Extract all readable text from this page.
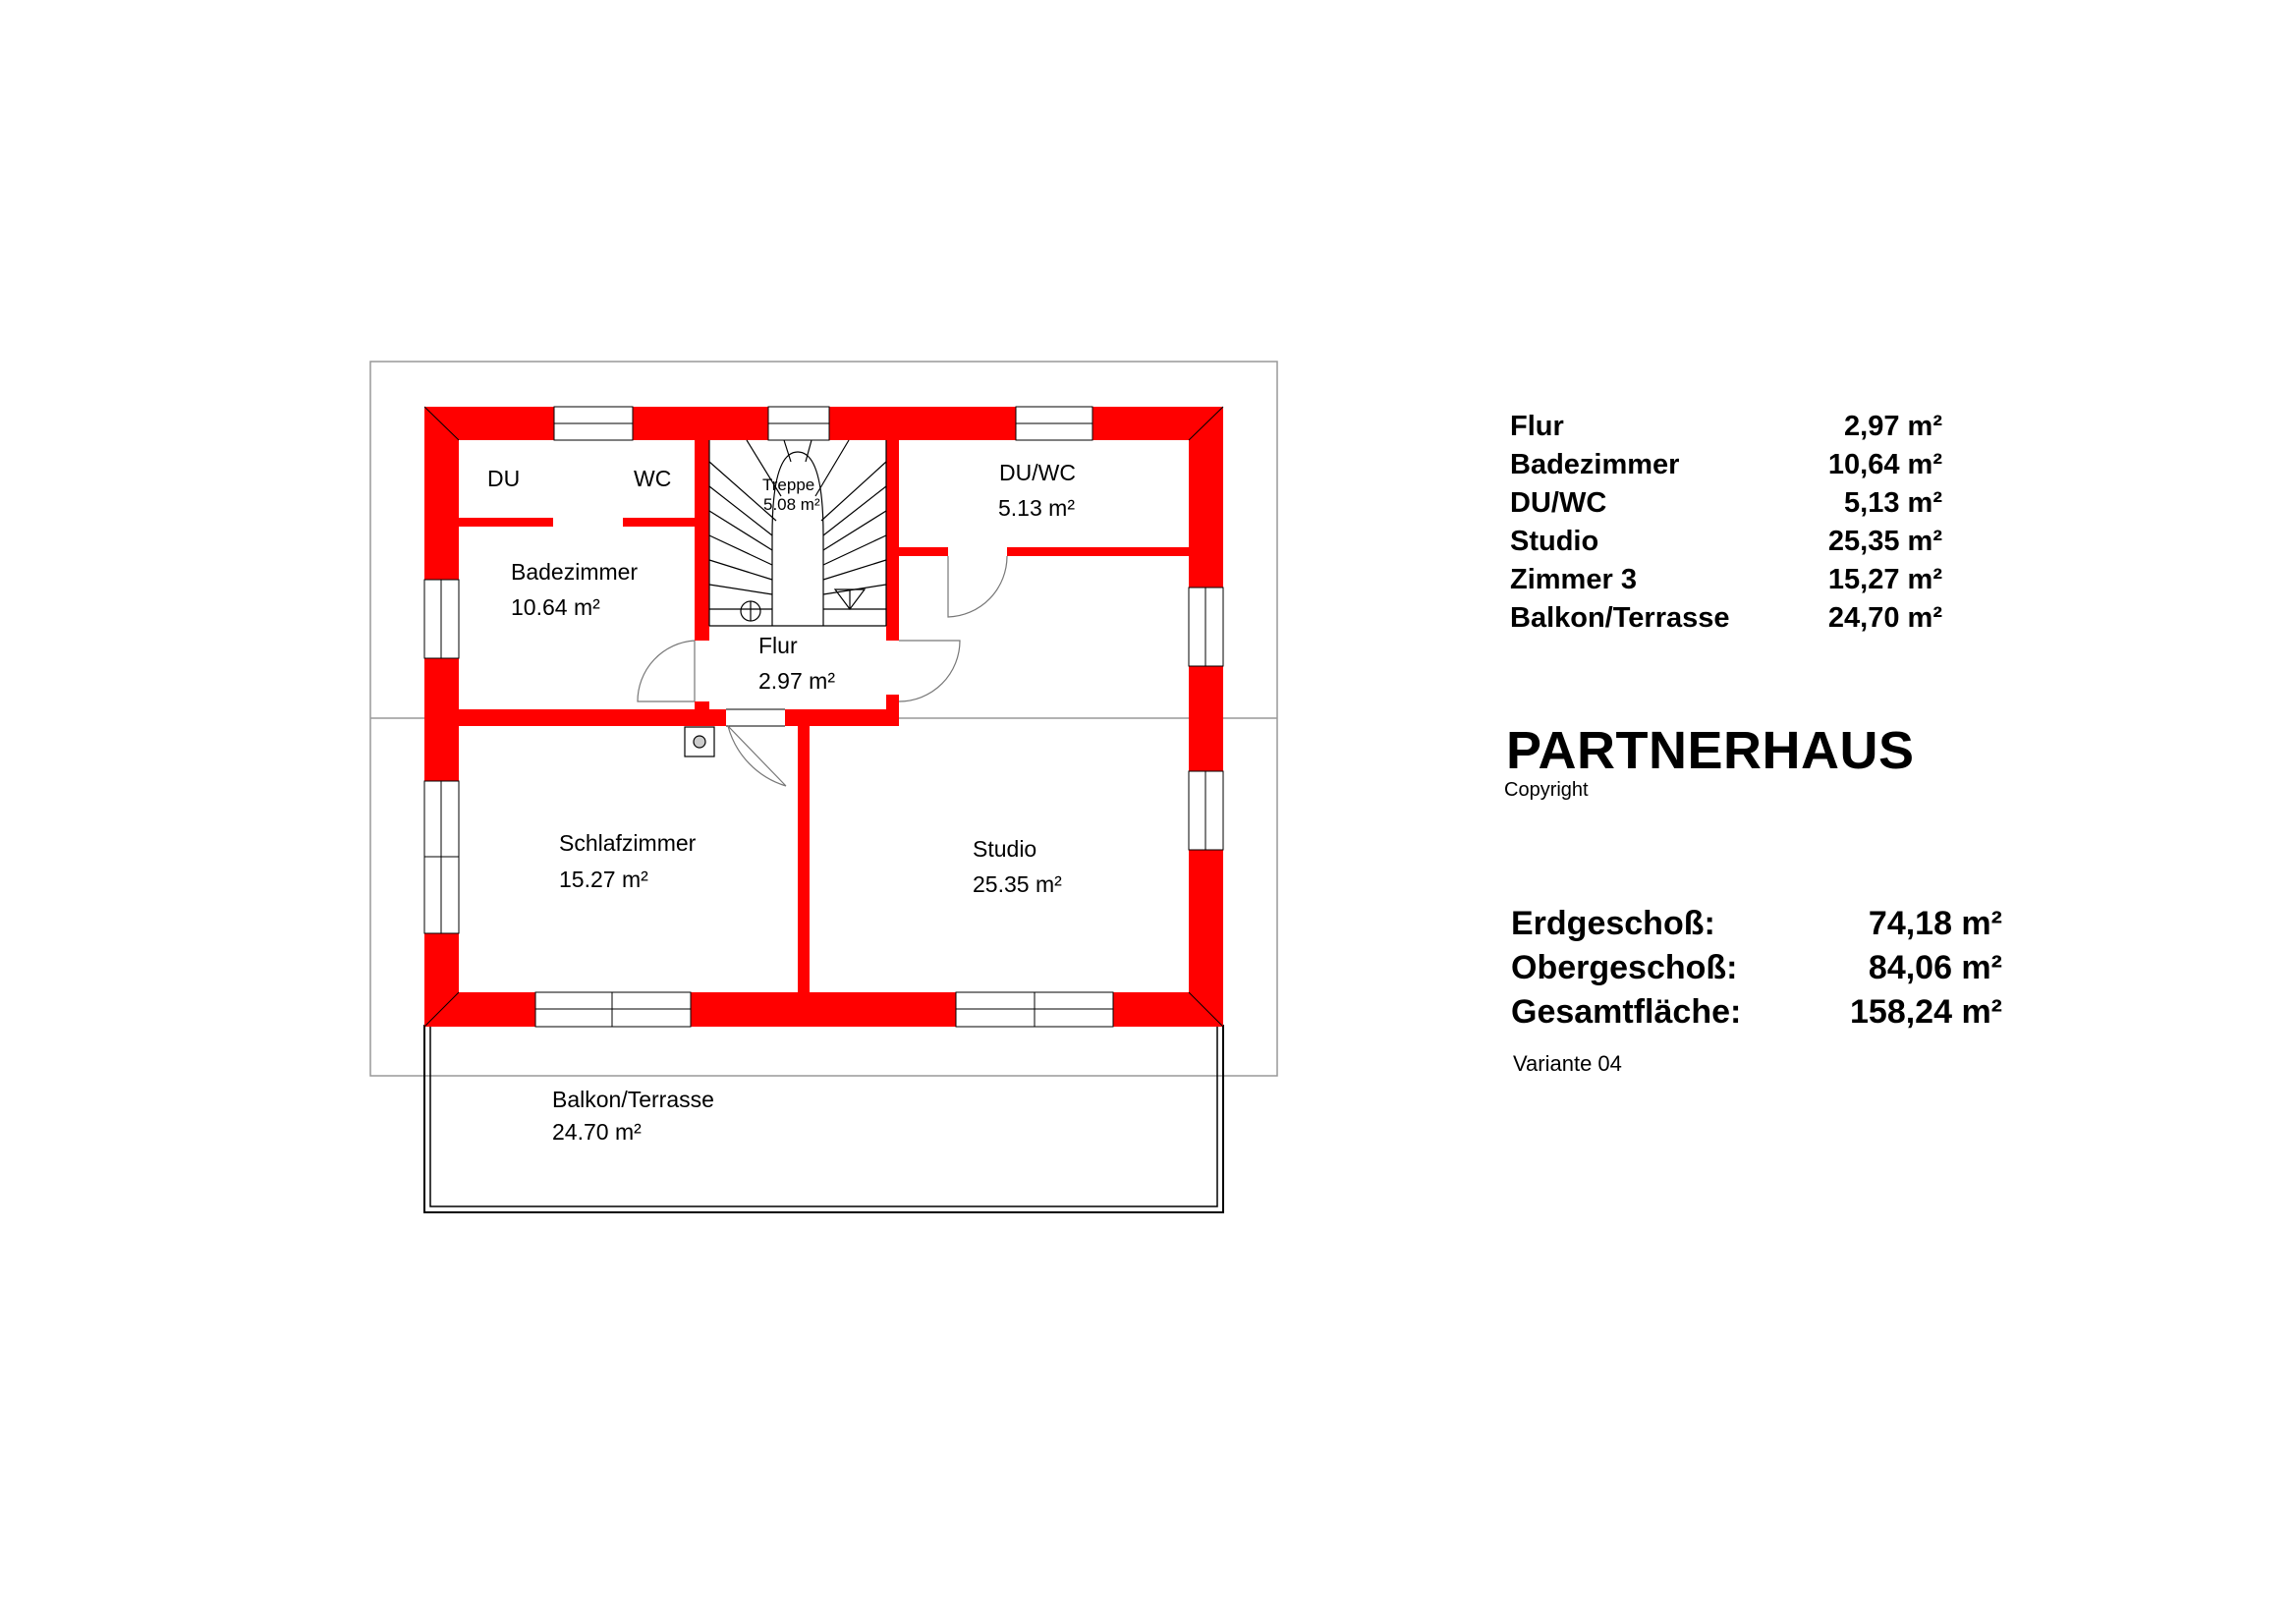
DU	WC	Treppe
5.08 m²
DU/WC
5.13 m²
Badezimmer
10.64 m²
Flur
2.97 m²
Schlafzimmer
15.27 m²
Studio
25.35 m²
Balkon/Terrasse
24.70 m²
Flur	2,97 m²
Badezimmer	10,64 m²
DU/WC	5,13 m²
Studio	25,35 m²
Zimmer 3	15,27 m²
Balkon/Terrasse	24,70 m²
PARTNERHAUS
Copyright
Erdgeschoß:	74,18 m²
Obergeschoß:	84,06 m²
Gesamtfläche:	158,24 m²
Variante 04
